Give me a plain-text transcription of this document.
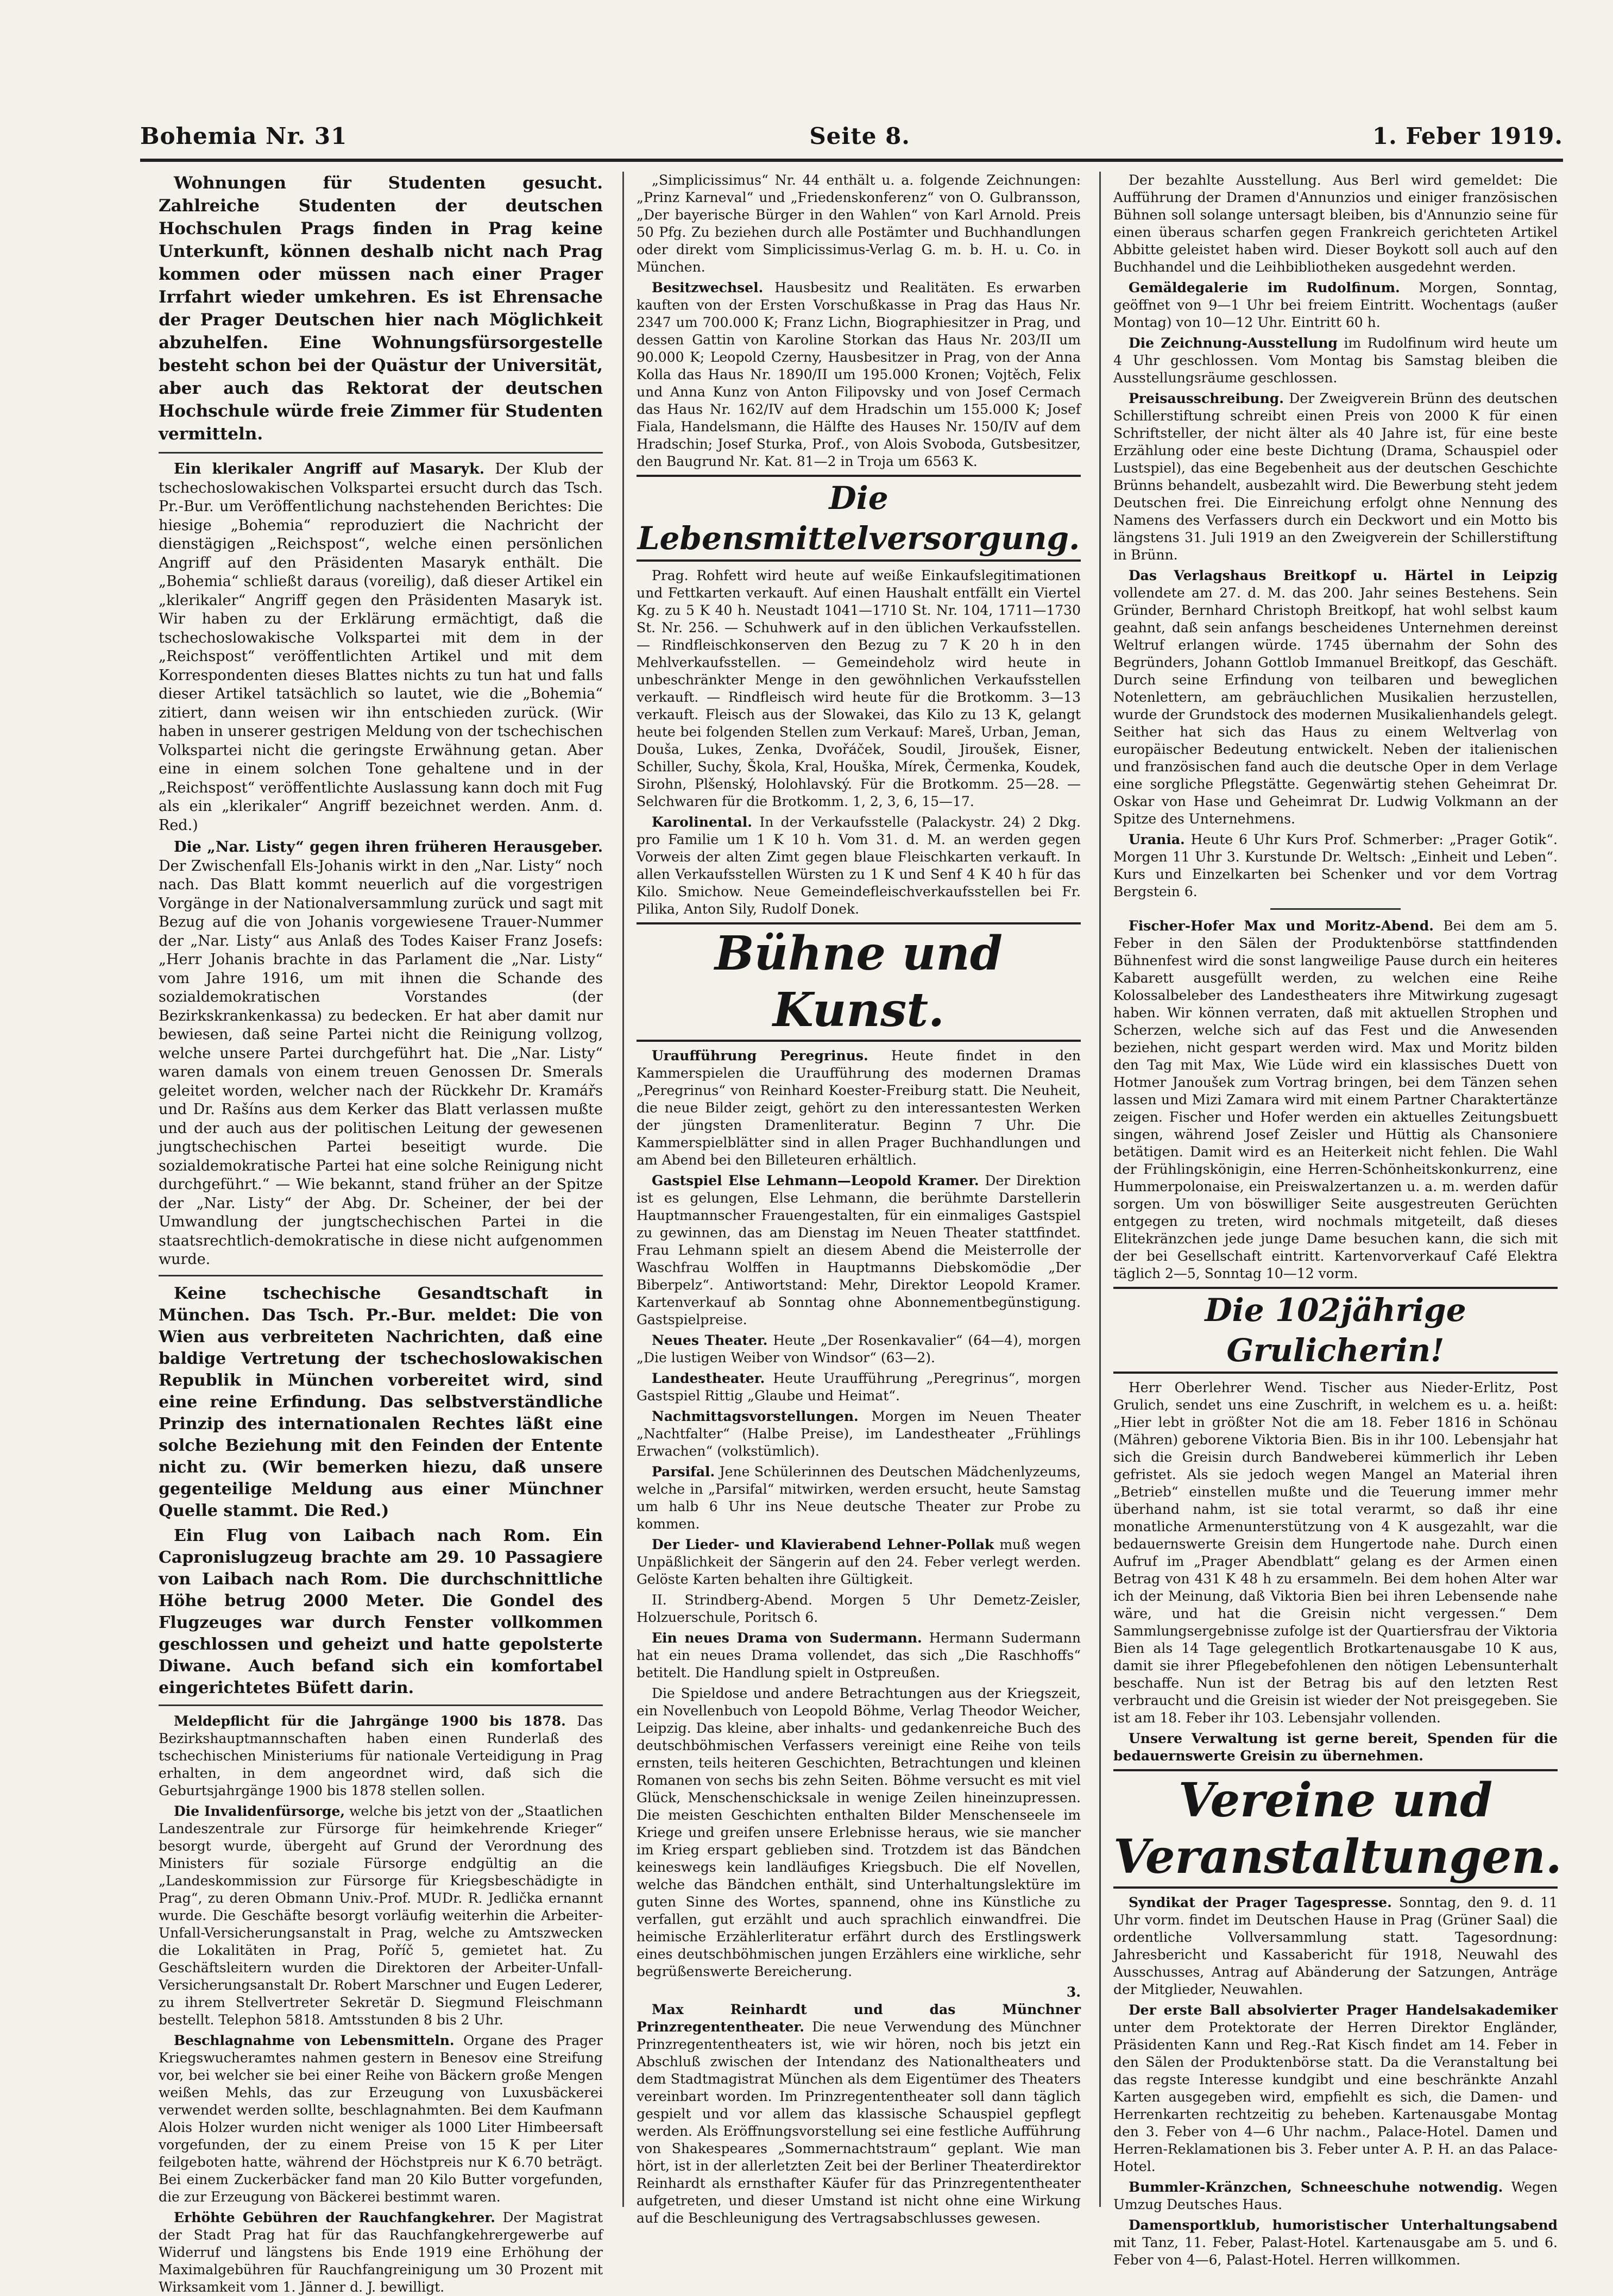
Bohemia Nr. 31	Seite 8.	1. Feber 1919.

Wohnungen für Studenten gesucht. Zahlreiche Studenten der deutschen Hochschulen Prags finden in Prag keine Unterkunft, können deshalb nicht nach Prag kommen oder müssen nach einer Prager Irrfahrt wieder umkehren. Es ist Ehrensache der Prager Deutschen hier nach Möglichkeit abzuhelfen. Eine Wohnungsfürsorgestelle besteht schon bei der Quästur der Universität, aber auch das Rektorat der deutschen Hochschule würde freie Zimmer für Studenten vermitteln.

Ein klerikaler Angriff auf Masaryk. Der Klub der tschechoslowakischen Volkspartei ersucht durch das Tsch. Pr.-Bur. um Veröffentlichung nachstehenden Berichtes: Die hiesige „Bohemia“ reproduziert die Nachricht der dienstägigen „Reichspost“, welche einen persönlichen Angriff auf den Präsidenten Masaryk enthält. Die „Bohemia“ schließt daraus (voreilig), daß dieser Artikel ein „klerikaler“ Angriff gegen den Präsidenten Masaryk ist. Wir haben zu der Erklärung ermächtigt, daß die tschechoslowakische Volkspartei mit dem in der „Reichspost“ veröffentlichten Artikel und mit dem Korrespondenten dieses Blattes nichts zu tun hat und falls dieser Artikel tatsächlich so lautet, wie die „Bohemia“ zitiert, dann weisen wir ihn entschieden zurück. (Wir haben in unserer gestrigen Meldung von der tschechischen Volkspartei nicht die geringste Erwähnung getan. Aber eine in einem solchen Tone gehaltene und in der „Reichspost“ veröffentlichte Auslassung kann doch mit Fug als ein „klerikaler“ Angriff bezeichnet werden. Anm. d. Red.)

Die „Nar. Listy“ gegen ihren früheren Herausgeber. Der Zwischenfall Els-Johanis wirkt in den „Nar. Listy“ noch nach. Das Blatt kommt neuerlich auf die vorgestrigen Vorgänge in der Nationalversammlung zurück und sagt mit Bezug auf die von Johanis vorgewiesene Trauer-Nummer der „Nar. Listy“ aus Anlaß des Todes Kaiser Franz Josefs: „Herr Johanis brachte in das Parlament die „Nar. Listy“ vom Jahre 1916, um mit ihnen die Schande des sozialdemokratischen Vorstandes (der Bezirkskrankenkassa) zu bedecken. Er hat aber damit nur bewiesen, daß seine Partei nicht die Reinigung vollzog, welche unsere Partei durchgeführt hat. Die „Nar. Listy“ waren damals von einem treuen Genossen Dr. Smerals geleitet worden, welcher nach der Rückkehr Dr. Kramářs und Dr. Rašíns aus dem Kerker das Blatt verlassen mußte und der auch aus der politischen Leitung der gewesenen jungtschechischen Partei beseitigt wurde. Die sozialdemokratische Partei hat eine solche Reinigung nicht durchgeführt.“ — Wie bekannt, stand früher an der Spitze der „Nar. Listy“ der Abg. Dr. Scheiner, der bei der Umwandlung der jungtschechischen Partei in die staatsrechtlich-demokratische in diese nicht aufgenommen wurde.

Keine tschechische Gesandtschaft in München. Das Tsch. Pr.-Bur. meldet: Die von Wien aus verbreiteten Nachrichten, daß eine baldige Vertretung der tschechoslowakischen Republik in München vorbereitet wird, sind eine reine Erfindung. Das selbstverständliche Prinzip des internationalen Rechtes läßt eine solche Beziehung mit den Feinden der Entente nicht zu. (Wir bemerken hiezu, daß unsere gegenteilige Meldung aus einer Münchner Quelle stammt. Die Red.)

Ein Flug von Laibach nach Rom. Ein Capronislugzeug brachte am 29. 10 Passagiere von Laibach nach Rom. Die durchschnittliche Höhe betrug 2000 Meter. Die Gondel des Flugzeuges war durch Fenster vollkommen geschlossen und geheizt und hatte gepolsterte Diwane. Auch befand sich ein komfortabel eingerichtetes Büfett darin.

Meldepflicht für die Jahrgänge 1900 bis 1878. Das Bezirkshauptmannschaften haben einen Runderlaß des tschechischen Ministeriums für nationale Verteidigung in Prag erhalten, in dem angeordnet wird, daß sich die Geburtsjahrgänge 1900 bis 1878 stellen sollen.

Die Invalidenfürsorge, welche bis jetzt von der „Staatlichen Landeszentrale zur Fürsorge für heimkehrende Krieger“ besorgt wurde, übergeht auf Grund der Verordnung des Ministers für soziale Fürsorge endgültig an die „Landeskommission zur Fürsorge für Kriegsbeschädigte in Prag“, zu deren Obmann Univ.-Prof. MUDr. R. Jedlička ernannt wurde. Die Geschäfte besorgt vorläufig weiterhin die Arbeiter-Unfall-Versicherungsanstalt in Prag, welche zu Amtszwecken die Lokalitäten in Prag, Poříč 5, gemietet hat. Zu Geschäftsleitern wurden die Direktoren der Arbeiter-Unfall-Versicherungsanstalt Dr. Robert Marschner und Eugen Lederer, zu ihrem Stellvertreter Sekretär D. Siegmund Fleischmann bestellt. Telephon 5818. Amtsstunden 8 bis 2 Uhr.

Beschlagnahme von Lebensmitteln. Organe des Prager Kriegswucheramtes nahmen gestern in Benesov eine Streifung vor, bei welcher sie bei einer Reihe von Bäckern große Mengen weißen Mehls, das zur Erzeugung von Luxusbäckerei verwendet werden sollte, beschlagnahmten. Bei dem Kaufmann Alois Holzer wurden nicht weniger als 1000 Liter Himbeersaft vorgefunden, der zu einem Preise von 15 K per Liter feilgeboten hatte, während der Höchstpreis nur K 6.70 beträgt. Bei einem Zuckerbäcker fand man 20 Kilo Butter vorgefunden, die zur Erzeugung von Bäckerei bestimmt waren.

Erhöhte Gebühren der Rauchfangkehrer. Der Magistrat der Stadt Prag hat für das Rauchfangkehrergewerbe auf Widerruf und längstens bis Ende 1919 eine Erhöhung der Maximalgebühren für Rauchfangreinigung um 30 Prozent mit Wirksamkeit vom 1. Jänner d. J. bewilligt.

„Simplicissimus“ Nr. 44 enthält u. a. folgende Zeichnungen: „Prinz Karneval“ und „Friedenskonferenz“ von O. Gulbransson, „Der bayerische Bürger in den Wahlen“ von Karl Arnold. Preis 50 Pfg. Zu beziehen durch alle Postämter und Buchhandlungen oder direkt vom Simplicissimus-Verlag G. m. b. H. u. Co. in München.

Besitzwechsel. Hausbesitz und Realitäten. Es erwarben kauften von der Ersten Vorschußkasse in Prag das Haus Nr. 2347 um 700.000 K; Franz Lichn, Biographiesitzer in Prag, und dessen Gattin von Karoline Storkan das Haus Nr. 203/II um 90.000 K; Leopold Czerny, Hausbesitzer in Prag, von der Anna Kolla das Haus Nr. 1890/II um 195.000 Kronen; Vojtěch, Felix und Anna Kunz von Anton Filipovsky und von Josef Cermach das Haus Nr. 162/IV auf dem Hradschin um 155.000 K; Josef Fiala, Handelsmann, die Hälfte des Hauses Nr. 150/IV auf dem Hradschin; Josef Sturka, Prof., von Alois Svoboda, Gutsbesitzer, den Baugrund Nr. Kat. 81—2 in Troja um 6563 K.

Die Lebensmittelversorgung.

Prag. Rohfett wird heute auf weiße Einkaufslegitimationen und Fettkarten verkauft. Auf einen Haushalt entfällt ein Viertel Kg. zu 5 K 40 h. Neustadt 1041—1710 St. Nr. 104, 1711—1730 St. Nr. 256. — Schuhwerk auf in den üblichen Verkaufsstellen. — Rindfleischkonserven den Bezug zu 7 K 20 h in den Mehlverkaufsstellen. — Gemeindeholz wird heute in unbeschränkter Menge in den gewöhnlichen Verkaufsstellen verkauft. — Rindfleisch wird heute für die Brotkomm. 3—13 verkauft. Fleisch aus der Slowakei, das Kilo zu 13 K, gelangt heute bei folgenden Stellen zum Verkauf: Mareš, Urban, Jeman, Douša, Lukes, Zenka, Dvořáček, Soudil, Jiroušek, Eisner, Schiller, Suchy, Škola, Kral, Houška, Mírek, Čermenka, Koudek, Sirohn, Plšenský, Holohlavský. Für die Brotkomm. 25—28. — Selchwaren für die Brotkomm. 1, 2, 3, 6, 15—17.

Karolinental. In der Verkaufsstelle (Palackystr. 24) 2 Dkg. pro Familie um 1 K 10 h. Vom 31. d. M. an werden gegen Vorweis der alten Zimt gegen blaue Fleischkarten verkauft. In allen Verkaufsstellen Würsten zu 1 K und Senf 4 K 40 h für das Kilo. Smichow. Neue Gemeindefleischverkaufsstellen bei Fr. Pilika, Anton Sily, Rudolf Donek.

Bühne und Kunst.

Uraufführung Peregrinus. Heute findet in den Kammerspielen die Uraufführung des modernen Dramas „Peregrinus“ von Reinhard Koester-Freiburg statt. Die Neuheit, die neue Bilder zeigt, gehört zu den interessantesten Werken der jüngsten Dramenliteratur. Beginn 7 Uhr. Die Kammerspielblätter sind in allen Prager Buchhandlungen und am Abend bei den Billeteuren erhältlich.

Gastspiel Else Lehmann—Leopold Kramer. Der Direktion ist es gelungen, Else Lehmann, die berühmte Darstellerin Hauptmannscher Frauengestalten, für ein einmaliges Gastspiel zu gewinnen, das am Dienstag im Neuen Theater stattfindet. Frau Lehmann spielt an diesem Abend die Meisterrolle der Waschfrau Wolffen in Hauptmanns Diebskomödie „Der Biberpelz“. Antiwortstand: Mehr, Direktor Leopold Kramer. Kartenverkauf ab Sonntag ohne Abonnementbegünstigung. Gastspielpreise.

Neues Theater. Heute „Der Rosenkavalier“ (64—4), morgen „Die lustigen Weiber von Windsor“ (63—2).

Landestheater. Heute Uraufführung „Peregrinus“, morgen Gastspiel Rittig „Glaube und Heimat“.

Nachmittagsvorstellungen. Morgen im Neuen Theater „Nachtfalter“ (Halbe Preise), im Landestheater „Frühlings Erwachen“ (volkstümlich).

Parsifal. Jene Schülerinnen des Deutschen Mädchenlyzeums, welche in „Parsifal“ mitwirken, werden ersucht, heute Samstag um halb 6 Uhr ins Neue deutsche Theater zur Probe zu kommen.

Der Lieder- und Klavierabend Lehner-Pollak muß wegen Unpäßlichkeit der Sängerin auf den 24. Feber verlegt werden. Gelöste Karten behalten ihre Gültigkeit.

II. Strindberg-Abend. Morgen 5 Uhr Demetz-Zeisler, Holzuerschule, Poritsch 6.

Ein neues Drama von Sudermann. Hermann Sudermann hat ein neues Drama vollendet, das sich „Die Raschhoffs“ betitelt. Die Handlung spielt in Ostpreußen.

Die Spieldose und andere Betrachtungen aus der Kriegszeit, ein Novellenbuch von Leopold Böhme, Verlag Theodor Weicher, Leipzig. Das kleine, aber inhalts- und gedankenreiche Buch des deutschböhmischen Verfassers vereinigt eine Reihe von teils ernsten, teils heiteren Geschichten, Betrachtungen und kleinen Romanen von sechs bis zehn Seiten. Böhme versucht es mit viel Glück, Menschenschicksale in wenige Zeilen hineinzupressen. Die meisten Geschichten enthalten Bilder Menschenseele im Kriege und greifen unsere Erlebnisse heraus, wie sie mancher im Krieg erspart geblieben sind. Trotzdem ist das Bändchen keineswegs kein landläufiges Kriegsbuch. Die elf Novellen, welche das Bändchen enthält, sind Unterhaltungslektüre im guten Sinne des Wortes, spannend, ohne ins Künstliche zu verfallen, gut erzählt und auch sprachlich einwandfrei. Die heimische Erzählerliteratur erfährt durch des Erstlingswerk eines deutschböhmischen jungen Erzählers eine wirkliche, sehr begrüßenswerte Bereicherung.

3.

Max Reinhardt und das Münchner Prinzregententheater. Die neue Verwendung des Münchner Prinzregententheaters ist, wie wir hören, noch bis jetzt ein Abschluß zwischen der Intendanz des Nationaltheaters und dem Stadtmagistrat München als dem Eigentümer des Theaters vereinbart worden. Im Prinzregententheater soll dann täglich gespielt und vor allem das klassische Schauspiel gepflegt werden. Als Eröffnungsvorstellung sei eine festliche Aufführung von Shakespeares „Sommernachtstraum“ geplant. Wie man hört, ist in der allerletzten Zeit bei der Berliner Theaterdirektor Reinhardt als ernsthafter Käufer für das Prinzregententheater aufgetreten, und dieser Umstand ist nicht ohne eine Wirkung auf die Beschleunigung des Vertragsabschlusses gewesen.

Der bezahlte Ausstellung. Aus Berl wird gemeldet: Die Aufführung der Dramen d'Annunzios und einiger französischen Bühnen soll solange untersagt bleiben, bis d'Annunzio seine für einen überaus scharfen gegen Frankreich gerichteten Artikel Abbitte geleistet haben wird. Dieser Boykott soll auch auf den Buchhandel und die Leihbibliotheken ausgedehnt werden.

Gemäldegalerie im Rudolfinum. Morgen, Sonntag, geöffnet von 9—1 Uhr bei freiem Eintritt. Wochentags (außer Montag) von 10—12 Uhr. Eintritt 60 h.

Die Zeichnung-Ausstellung im Rudolfinum wird heute um 4 Uhr geschlossen. Vom Montag bis Samstag bleiben die Ausstellungsräume geschlossen.

Preisausschreibung. Der Zweigverein Brünn des deutschen Schillerstiftung schreibt einen Preis von 2000 K für einen Schriftsteller, der nicht älter als 40 Jahre ist, für eine beste Erzählung oder eine beste Dichtung (Drama, Schauspiel oder Lustspiel), das eine Begebenheit aus der deutschen Geschichte Brünns behandelt, ausbezahlt wird. Die Bewerbung steht jedem Deutschen frei. Die Einreichung erfolgt ohne Nennung des Namens des Verfassers durch ein Deckwort und ein Motto bis längstens 31. Juli 1919 an den Zweigverein der Schillerstiftung in Brünn.

Das Verlagshaus Breitkopf u. Härtel in Leipzig vollendete am 27. d. M. das 200. Jahr seines Bestehens. Sein Gründer, Bernhard Christoph Breitkopf, hat wohl selbst kaum geahnt, daß sein anfangs bescheidenes Unternehmen dereinst Weltruf erlangen würde. 1745 übernahm der Sohn des Begründers, Johann Gottlob Immanuel Breitkopf, das Geschäft. Durch seine Erfindung von teilbaren und beweglichen Notenlettern, am gebräuchlichen Musikalien herzustellen, wurde der Grundstock des modernen Musikalienhandels gelegt. Seither hat sich das Haus zu einem Weltverlag von europäischer Bedeutung entwickelt. Neben der italienischen und französischen fand auch die deutsche Oper in dem Verlage eine sorgliche Pflegstätte. Gegenwärtig stehen Geheimrat Dr. Oskar von Hase und Geheimrat Dr. Ludwig Volkmann an der Spitze des Unternehmens.

Urania. Heute 6 Uhr Kurs Prof. Schmerber: „Prager Gotik“. Morgen 11 Uhr 3. Kurstunde Dr. Weltsch: „Einheit und Leben“. Kurs und Einzelkarten bei Schenker und vor dem Vortrag Bergstein 6.

Fischer-Hofer Max und Moritz-Abend. Bei dem am 5. Feber in den Sälen der Produktenbörse stattfindenden Bühnenfest wird die sonst langweilige Pause durch ein heiteres Kabarett ausgefüllt werden, zu welchen eine Reihe Kolossalbeleber des Landestheaters ihre Mitwirkung zugesagt haben. Wir können verraten, daß mit aktuellen Strophen und Scherzen, welche sich auf das Fest und die Anwesenden beziehen, nicht gespart werden wird. Max und Moritz bilden den Tag mit Max, Wie Lüde wird ein klassisches Duett von Hotmer Janoušek zum Vortrag bringen, bei dem Tänzen sehen lassen und Mizi Zamara wird mit einem Partner Charaktertänze zeigen. Fischer und Hofer werden ein aktuelles Zeitungsbuett singen, während Josef Zeisler und Hüttig als Chansoniere betätigen. Damit wird es an Heiterkeit nicht fehlen. Die Wahl der Frühlingskönigin, eine Herren-Schönheitskonkurrenz, eine Hummerpolonaise, ein Preiswalzertanzen u. a. m. werden dafür sorgen. Um von böswilliger Seite ausgestreuten Gerüchten entgegen zu treten, wird nochmals mitgeteilt, daß dieses Elitekränzchen jede junge Dame besuchen kann, die sich mit der bei Gesellschaft eintritt. Kartenvorverkauf Café Elektra täglich 2—5, Sonntag 10—12 vorm.

Die 102jährige Grulicherin!

Herr Oberlehrer Wend. Tischer aus Nieder-Erlitz, Post Grulich, sendet uns eine Zuschrift, in welchem es u. a. heißt: „Hier lebt in größter Not die am 18. Feber 1816 in Schönau (Mähren) geborene Viktoria Bien. Bis in ihr 100. Lebensjahr hat sich die Greisin durch Bandweberei kümmerlich ihr Leben gefristet. Als sie jedoch wegen Mangel an Material ihren „Betrieb“ einstellen mußte und die Teuerung immer mehr überhand nahm, ist sie total verarmt, so daß ihr eine monatliche Armenunterstützung von 4 K ausgezahlt, war die bedauernswerte Greisin dem Hungertode nahe. Durch einen Aufruf im „Prager Abendblatt“ gelang es der Armen einen Betrag von 431 K 48 h zu ersammeln. Bei dem hohen Alter war ich der Meinung, daß Viktoria Bien bei ihren Lebensende nahe wäre, und hat die Greisin nicht vergessen.“ Dem Sammlungsergebnisse zufolge ist der Quartiersfrau der Viktoria Bien als 14 Tage gelegentlich Brotkartenausgabe 10 K aus, damit sie ihrer Pflegebefohlenen den nötigen Lebensunterhalt beschaffe. Nun ist der Betrag bis auf den letzten Rest verbraucht und die Greisin ist wieder der Not preisgegeben. Sie ist am 18. Feber ihr 103. Lebensjahr vollenden.

Unsere Verwaltung ist gerne bereit, Spenden für die bedauernswerte Greisin zu übernehmen.

Vereine und Veranstaltungen.

Syndikat der Prager Tagespresse. Sonntag, den 9. d. 11 Uhr vorm. findet im Deutschen Hause in Prag (Grüner Saal) die ordentliche Vollversammlung statt. Tagesordnung: Jahresbericht und Kassabericht für 1918, Neuwahl des Ausschusses, Antrag auf Abänderung der Satzungen, Anträge der Mitglieder, Neuwahlen.

Der erste Ball absolvierter Prager Handelsakademiker unter dem Protektorate der Herren Direktor Engländer, Präsidenten Kann und Reg.-Rat Kisch findet am 14. Feber in den Sälen der Produktenbörse statt. Da die Veranstaltung bei das regste Interesse kundgibt und eine beschränkte Anzahl Karten ausgegeben wird, empfiehlt es sich, die Damen- und Herrenkarten rechtzeitig zu beheben. Kartenausgabe Montag den 3. Feber von 4—6 Uhr nachm., Palace-Hotel. Damen und Herren-Reklamationen bis 3. Feber unter A. P. H. an das Palace-Hotel.

Bummler-Kränzchen, Schneeschuhe notwendig. Wegen Umzug Deutsches Haus.

Damensportklub, humoristischer Unterhaltungsabend mit Tanz, 11. Feber, Palast-Hotel. Kartenausgabe am 5. und 6. Feber von 4—6, Palast-Hotel. Herren willkommen.
